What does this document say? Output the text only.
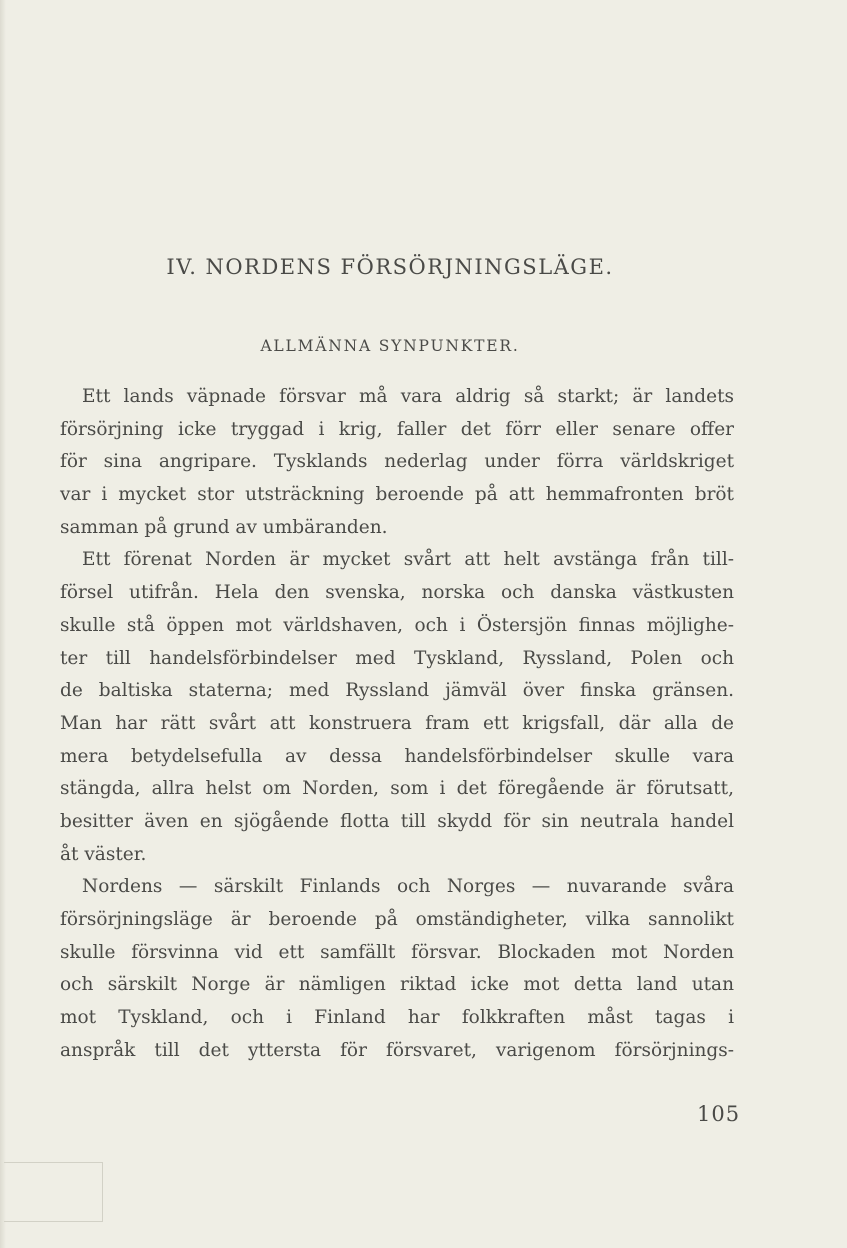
IV. NORDENS FÖRSÖRJNINGSLÄGE.
ALLMÄNNA SYNPUNKTER.
Ett lands väpnade försvar må vara aldrig så starkt; är landets
försörjning icke tryggad i krig, faller det förr eller senare offer
för sina angripare. Tysklands nederlag under förra världskriget
var i mycket stor utsträckning beroende på att hemmafronten bröt
samman på grund av umbäranden.
Ett förenat Norden är mycket svårt att helt avstänga från till-
försel utifrån. Hela den svenska, norska och danska västkusten
skulle stå öppen mot världshaven, och i Östersjön finnas möjlighe-
ter till handelsförbindelser med Tyskland, Ryssland, Polen och
de baltiska staterna; med Ryssland jämväl över finska gränsen.
Man har rätt svårt att konstruera fram ett krigsfall, där alla de
mera betydelsefulla av dessa handelsförbindelser skulle vara
stängda, allra helst om Norden, som i det föregående är förutsatt,
besitter även en sjögående flotta till skydd för sin neutrala handel
åt väster.
Nordens — särskilt Finlands och Norges — nuvarande svåra
försörjningsläge är beroende på omständigheter, vilka sannolikt
skulle försvinna vid ett samfällt försvar. Blockaden mot Norden
och särskilt Norge är nämligen riktad icke mot detta land utan
mot Tyskland, och i Finland har folkkraften måst tagas i
anspråk till det yttersta för försvaret, varigenom försörjnings-
105
